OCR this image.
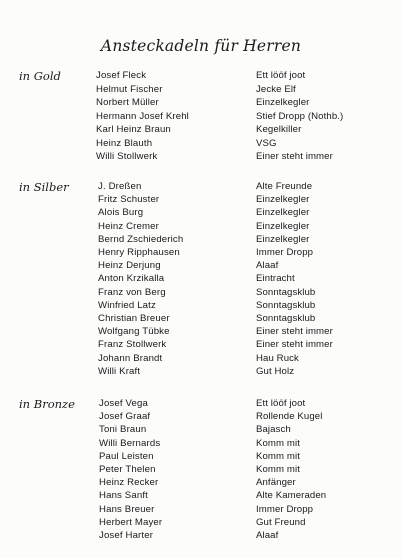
Ansteckadeln für Herren
in Gold	Josef Fleck	Ett lööf joot
Helmut Fischer	Jecke Elf
Norbert Müller	Einzelkegler
Hermann Josef Krehl	Stief Dropp (Nothb.)
Karl Heinz Braun	Kegelkiller
Heinz Blauth	VSG
Willi Stollwerk	Einer steht immer
in Silber	J. Dreßen	Alte Freunde
Fritz Schuster	Einzelkegler
Alois Burg	Einzelkegler
Heinz Cremer	Einzelkegler
Bernd Zschiederich	Einzelkegler
Henry Ripphausen	Immer Dropp
Heinz Derjung	Alaaf
Anton Krzikalla	Eintracht
Franz von Berg	Sonntagsklub
Winfried Latz	Sonntagsklub
Christian Breuer	Sonntagsklub
Wolfgang Tübke	Einer steht immer
Franz Stollwerk	Einer steht immer
Johann Brandt	Hau Ruck
Willi Kraft	Gut Holz
in Bronze	Josef Vega	Ett lööf joot
Josef Graaf	Rollende Kugel
Toni Braun	Bajasch
Willi Bernards	Komm mit
Paul Leisten	Komm mit
Peter Thelen	Komm mit
Heinz Recker	Anfänger
Hans Sanft	Alte Kameraden
Hans Breuer	Immer Dropp
Herbert Mayer	Gut Freund
Josef Harter	Alaaf
